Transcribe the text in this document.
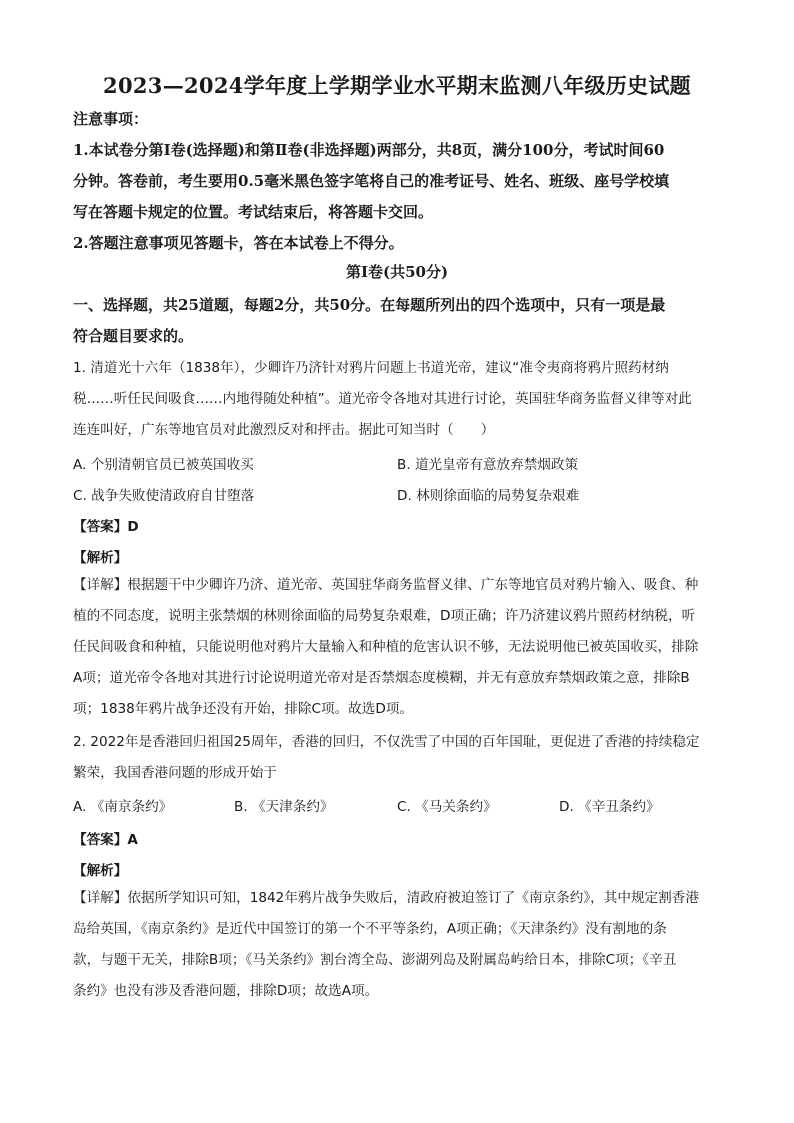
2023—2024学年度上学期学业水平期末监测八年级历史试题
注意事项：
1.本试卷分第Ⅰ卷(选择题)和第Ⅱ卷(非选择题)两部分，共8页，满分100分，考试时间60
分钟。答卷前，考生要用0.5毫米黑色签字笔将自己的准考证号、姓名、班级、座号学校填
写在答题卡规定的位置。考试结束后，将答题卡交回。
2.答题注意事项见答题卡，答在本试卷上不得分。
第Ⅰ卷(共50分)
一、选择题，共25道题，每题2分，共50分。在每题所列出的四个选项中，只有一项是最
符合题目要求的。
1. 清道光十六年（1838年），少卿许乃济针对鸦片问题上书道光帝，建议“准令夷商将鸦片照药材纳
税……听任民间吸食……内地得随处种植”。道光帝令各地对其进行讨论，英国驻华商务监督义律等对此
连连叫好，广东等地官员对此激烈反对和抨击。据此可知当时（　　）
A. 个别清朝官员已被英国收买	B. 道光皇帝有意放弃禁烟政策
C. 战争失败使清政府自甘堕落	D. 林则徐面临的局势复杂艰难
【答案】D
【解析】
【详解】根据题干中少卿许乃济、道光帝、英国驻华商务监督义律、广东等地官员对鸦片输入、吸食、种
植的不同态度，说明主张禁烟的林则徐面临的局势复杂艰难，D项正确；许乃济建议鸦片照药材纳税，听
任民间吸食和种植，只能说明他对鸦片大量输入和种植的危害认识不够，无法说明他已被英国收买，排除
A项；道光帝令各地对其进行讨论说明道光帝对是否禁烟态度模糊，并无有意放弃禁烟政策之意，排除B
项；1838年鸦片战争还没有开始，排除C项。故选D项。
2. 2022年是香港回归祖国25周年，香港的回归，不仅洗雪了中国的百年国耻，更促进了香港的持续稳定
繁荣，我国香港问题的形成开始于
A. 《南京条约》	B. 《天津条约》	C. 《马关条约》	D. 《辛丑条约》
【答案】A
【解析】
【详解】依据所学知识可知，1842年鸦片战争失败后，清政府被迫签订了《南京条约》，其中规定割香港
岛给英国，《南京条约》是近代中国签订的第一个不平等条约，A项正确；《天津条约》没有割地的条
款，与题干无关，排除B项；《马关条约》割台湾全岛、澎湖列岛及附属岛屿给日本，排除C项；《辛丑
条约》也没有涉及香港问题，排除D项；故选A项。
